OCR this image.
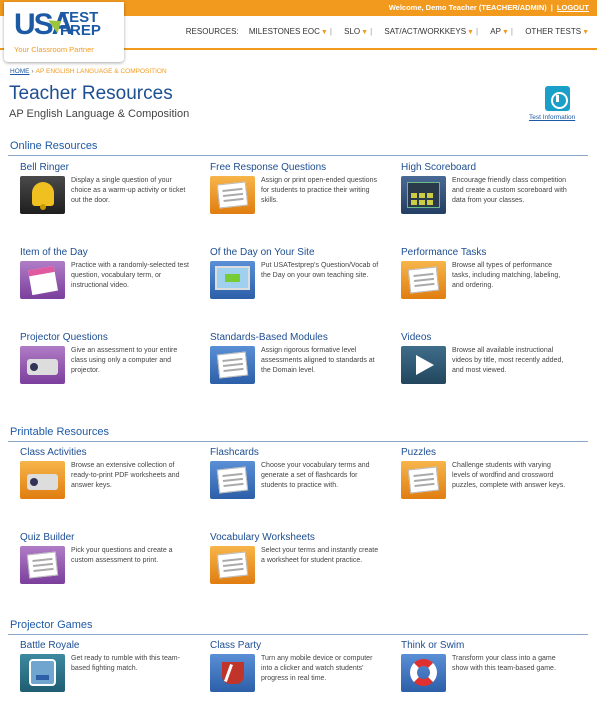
Welcome, Demo Teacher (TEACHER/ADMIN) | LOGOUT
USA
TEST
PREP
Your Classroom Partner
RESOURCES: MILESTONES EOC▼ | SLO▼ | SAT/ACT/WORKKEYS▼ | AP▼ | OTHER TESTS▼
HOME › AP ENGLISH LANGUAGE & COMPOSITION
Teacher Resources
AP English Language & Composition	Test Information
Online Resources
Bell Ringer
Display a single question of your choice as a warm-up activity or ticket out the door.
Free Response Questions
Assign or print open-ended questions for students to practice their writing skills.
High Scoreboard
Encourage friendly class competition and create a custom scoreboard with data from your classes.
Item of the Day
Practice with a randomly-selected test question, vocabulary term, or instructional video.
Of the Day on Your Site
Put USATestprep's Question/Vocab of the Day on your own teaching site.
Performance Tasks
Browse all types of performance tasks, including matching, labeling, and ordering.
Projector Questions
Give an assessment to your entire class using only a computer and projector.
Standards-Based Modules
Assign rigorous formative level assessments aligned to standards at the Domain level.
Videos
Browse all available instructional videos by title, most recently added, and most viewed.
Printable Resources
Class Activities
Browse an extensive collection of ready-to-print PDF worksheets and answer keys.
Flashcards
Choose your vocabulary terms and generate a set of flashcards for students to practice with.
Puzzles
Challenge students with varying levels of wordfind and crossword puzzles, complete with answer keys.
Quiz Builder
Pick your questions and create a custom assessment to print.
Vocabulary Worksheets
Select your terms and instantly create a worksheet for student practice.
Projector Games
Battle Royale
Get ready to rumble with this team-based fighting match.
Class Party
Turn any mobile device or computer into a clicker and watch students' progress in real time.
Think or Swim
Transform your class into a game show with this team-based game.
